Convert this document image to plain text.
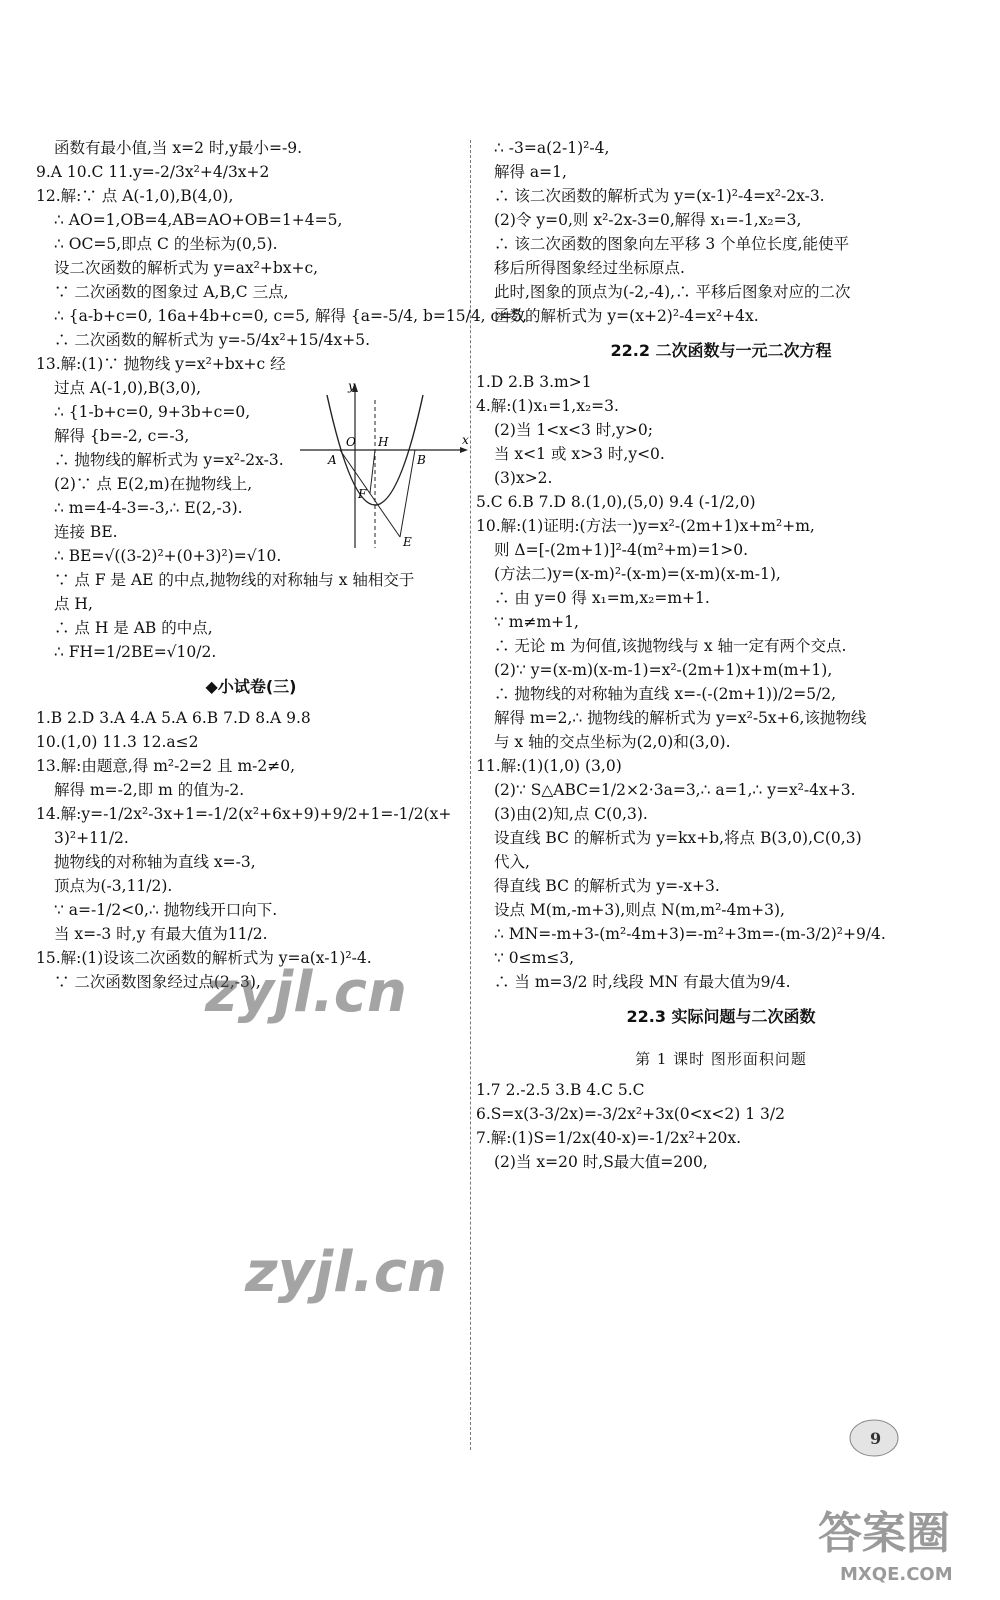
函数有最小值,当 x=2 时,y最小=-9.
9.A 10.C 11.y=-2/3x²+4/3x+2
12.解:∵ 点 A(-1,0),B(4,0),
∴ AO=1,OB=4,AB=AO+OB=1+4=5,
∴ OC=5,即点 C 的坐标为(0,5).
设二次函数的解析式为 y=ax²+bx+c,
∵ 二次函数的图象过 A,B,C 三点,
∴ {a-b+c=0, 16a+4b+c=0, c=5, 解得 {a=-5/4, b=15/4, c=5,
∴ 二次函数的解析式为 y=-5/4x²+15/4x+5.
13.解:(1)∵ 抛物线 y=x²+bx+c 经
过点 A(-1,0),B(3,0),
∴ {1-b+c=0, 9+3b+c=0,
解得 {b=-2, c=-3,
∴ 抛物线的解析式为 y=x²-2x-3.
(2)∵ 点 E(2,m)在抛物线上,
∴ m=4-4-3=-3,∴ E(2,-3).
连接 BE.
∴ BE=√((3-2)²+(0+3)²)=√10.
∵ 点 F 是 AE 的中点,抛物线的对称轴与 x 轴相交于
点 H,
∴ 点 H 是 AB 的中点,
∴ FH=1/2BE=√10/2.
◆小试卷(三)
1.B 2.D 3.A 4.A 5.A 6.B 7.D 8.A 9.8
10.(1,0) 11.3 12.a≤2
13.解:由题意,得 m²-2=2 且 m-2≠0,
解得 m=-2,即 m 的值为-2.
14.解:y=-1/2x²-3x+1=-1/2(x²+6x+9)+9/2+1=-1/2(x+
3)²+11/2.
抛物线的对称轴为直线 x=-3,
顶点为(-3,11/2).
∵ a=-1/2<0,∴ 抛物线开口向下.
当 x=-3 时,y 有最大值为11/2.
15.解:(1)设该二次函数的解析式为 y=a(x-1)²-4.
∵ 二次函数图象经过点(2,-3),
∴ -3=a(2-1)²-4,
解得 a=1,
∴ 该二次函数的解析式为 y=(x-1)²-4=x²-2x-3.
(2)令 y=0,则 x²-2x-3=0,解得 x₁=-1,x₂=3,
∴ 该二次函数的图象向左平移 3 个单位长度,能使平
移后所得图象经过坐标原点.
此时,图象的顶点为(-2,-4),∴ 平移后图象对应的二次
函数的解析式为 y=(x+2)²-4=x²+4x.
22.2 二次函数与一元二次方程
1.D 2.B 3.m>1
4.解:(1)x₁=1,x₂=3.
(2)当 1<x<3 时,y>0;
当 x<1 或 x>3 时,y<0.
(3)x>2.
5.C 6.B 7.D 8.(1,0),(5,0) 9.4 (-1/2,0)
10.解:(1)证明:(方法一)y=x²-(2m+1)x+m²+m,
则 Δ=[-(2m+1)]²-4(m²+m)=1>0.
(方法二)y=(x-m)²-(x-m)=(x-m)(x-m-1),
∴ 由 y=0 得 x₁=m,x₂=m+1.
∵ m≠m+1,
∴ 无论 m 为何值,该抛物线与 x 轴一定有两个交点.
(2)∵ y=(x-m)(x-m-1)=x²-(2m+1)x+m(m+1),
∴ 抛物线的对称轴为直线 x=-(-(2m+1))/2=5/2,
解得 m=2,∴ 抛物线的解析式为 y=x²-5x+6,该抛物线
与 x 轴的交点坐标为(2,0)和(3,0).
11.解:(1)(1,0) (3,0)
(2)∵ S△ABC=1/2×2·3a=3,∴ a=1,∴ y=x²-4x+3.
(3)由(2)知,点 C(0,3).
设直线 BC 的解析式为 y=kx+b,将点 B(3,0),C(0,3)
代入,
得直线 BC 的解析式为 y=-x+3.
设点 M(m,-m+3),则点 N(m,m²-4m+3),
∴ MN=-m+3-(m²-4m+3)=-m²+3m=-(m-3/2)²+9/4.
∵ 0≤m≤3,
∴ 当 m=3/2 时,线段 MN 有最大值为9/4.
22.3 实际问题与二次函数
第 1 课时 图形面积问题
1.7 2.-2.5 3.B 4.C 5.C
6.S=x(3-3/2x)=-3/2x²+3x(0<x<2) 1 3/2
7.解:(1)S=1/2x(40-x)=-1/2x²+20x.
(2)当 x=20 时,S最大值=200,
y
x
O
A	B
H
F
E
zyjl.cn
zyjl.cn
9
答案圈
MXQE.COM
